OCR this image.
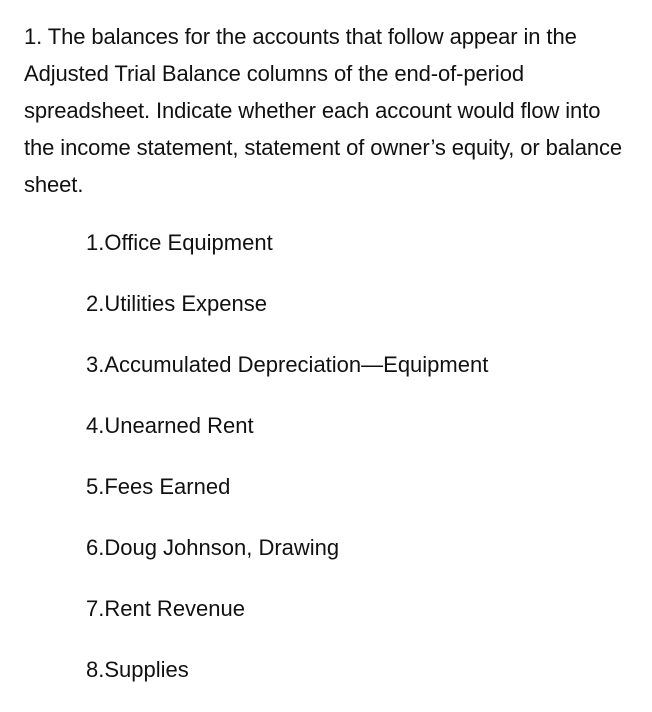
1. The balances for the accounts that follow appear in the Adjusted Trial Balance columns of the end-of-period spreadsheet. Indicate whether each account would flow into the income statement, statement of owner’s equity, or balance sheet.

1.Office Equipment
2.Utilities Expense
3.Accumulated Depreciation—Equipment
4.Unearned Rent
5.Fees Earned
6.Doug Johnson, Drawing
7.Rent Revenue
8.Supplies
